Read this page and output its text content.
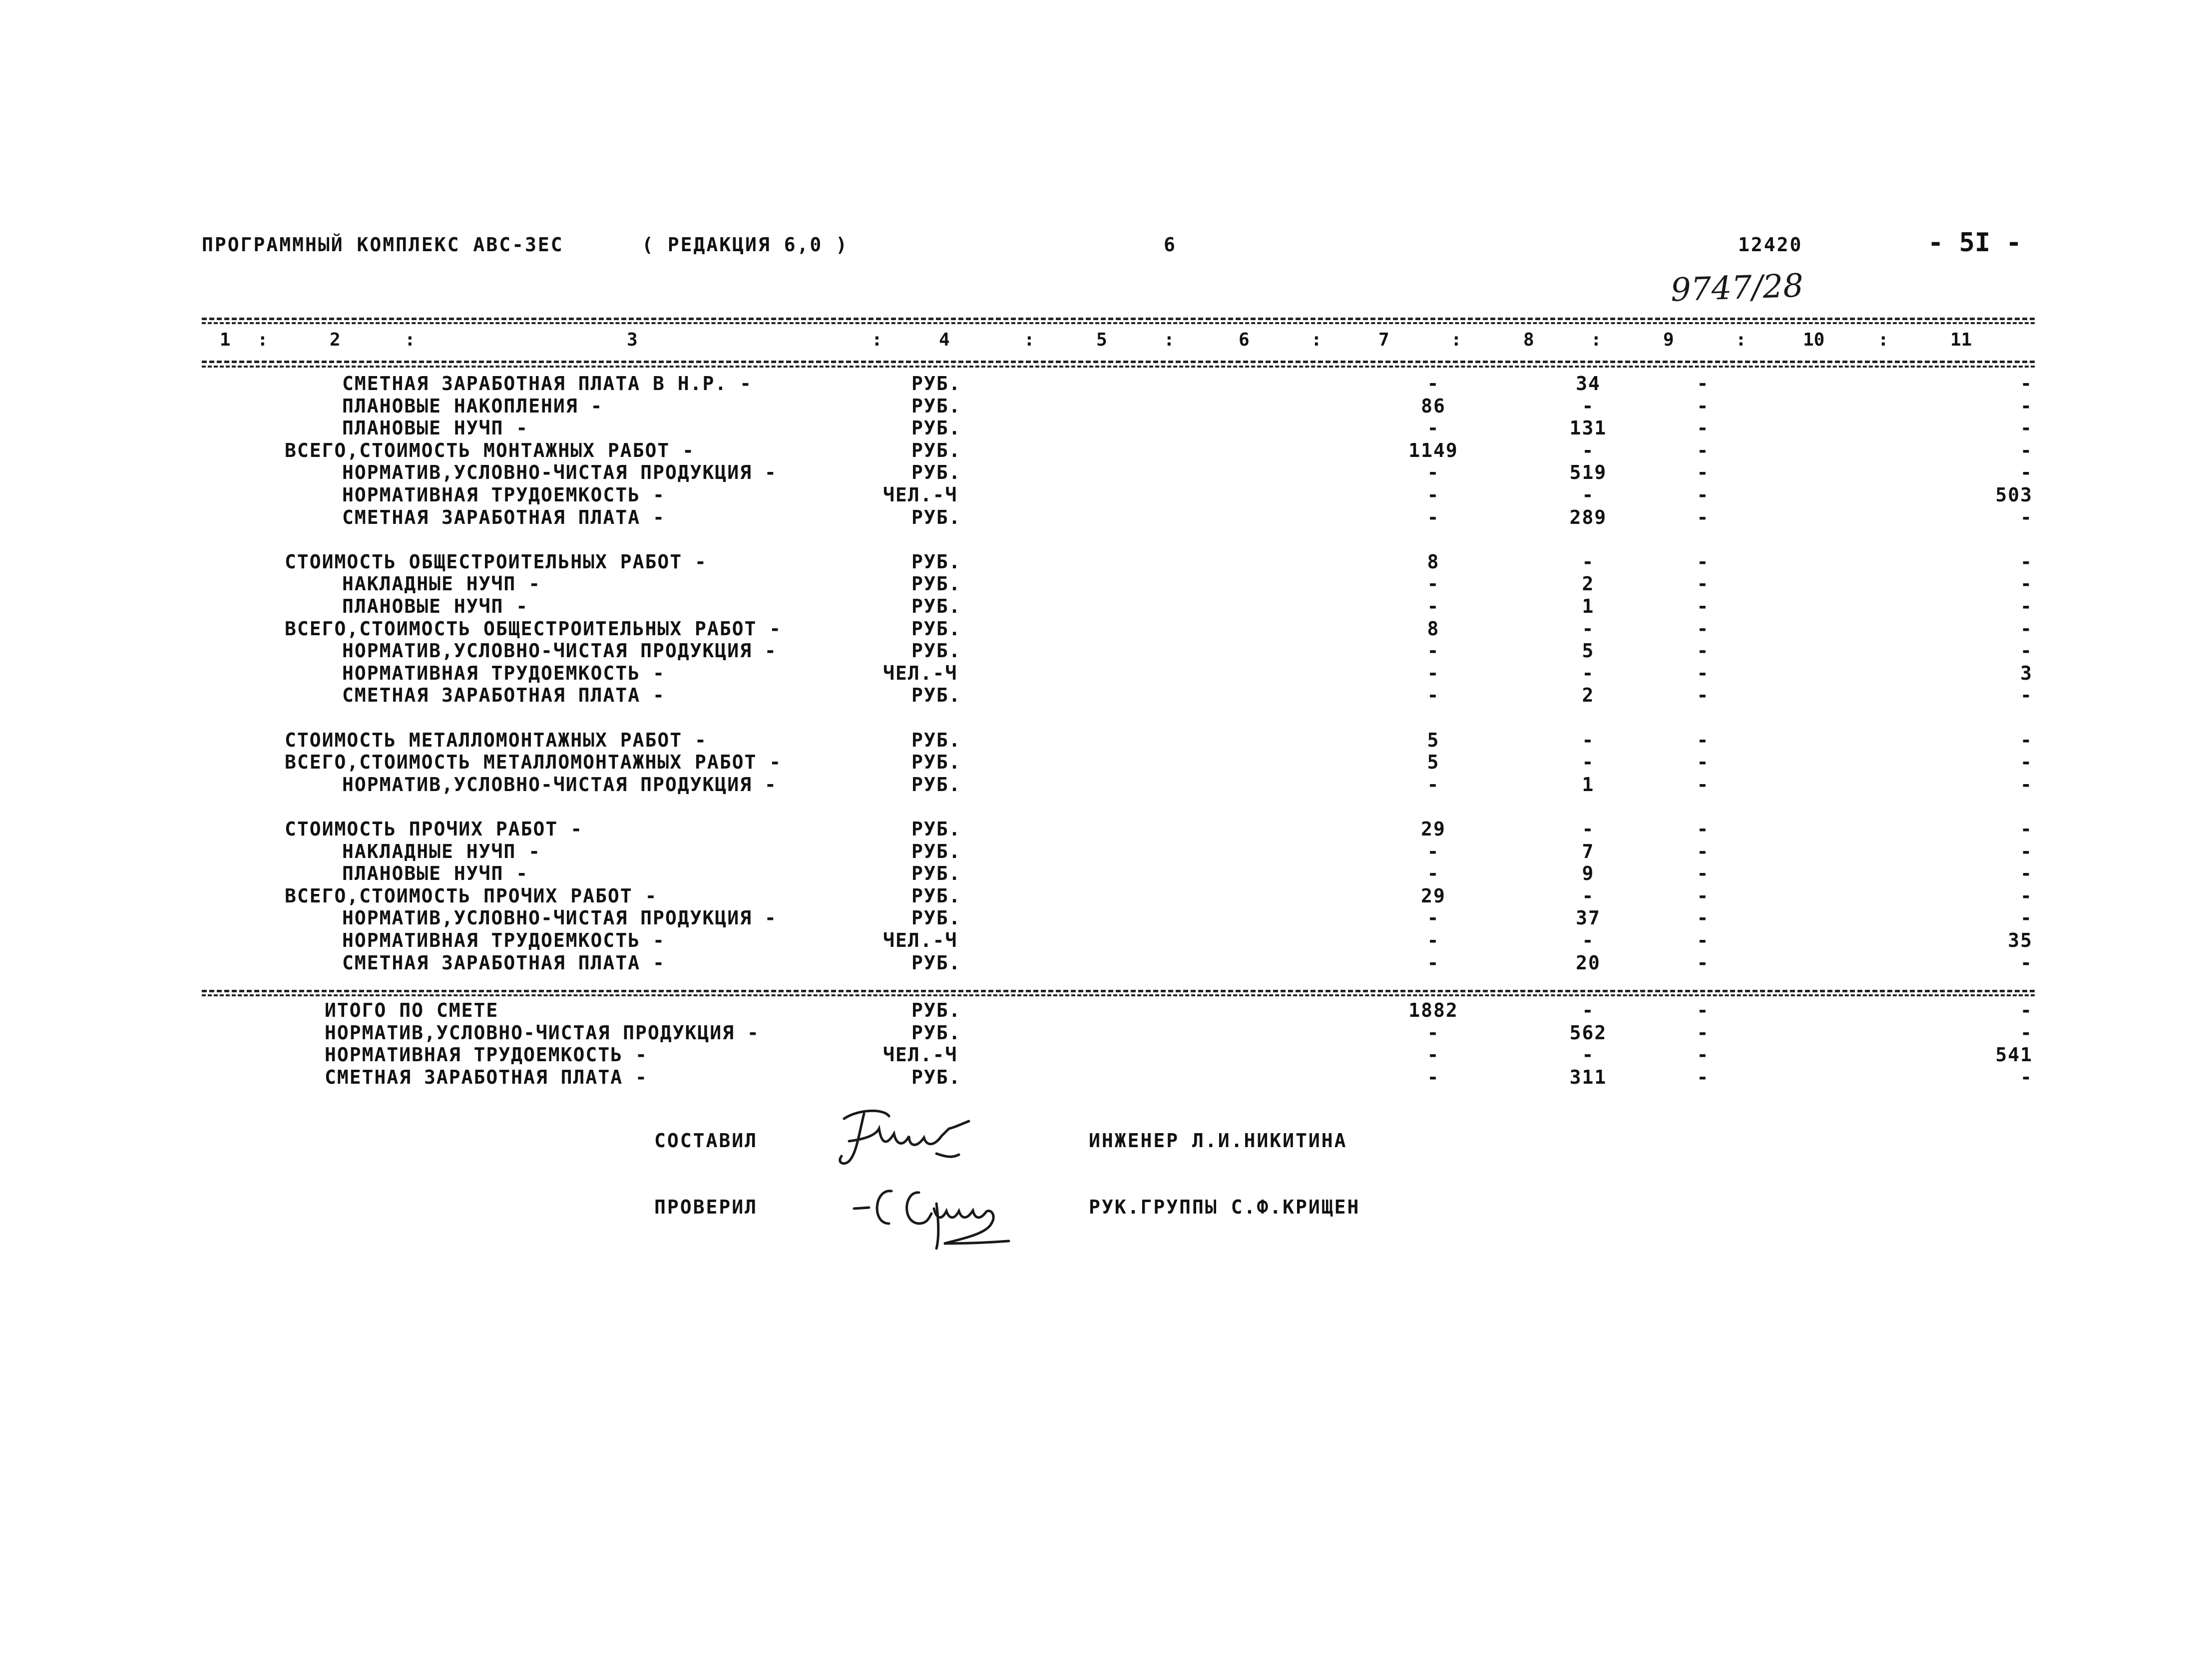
ПРОГРАММНЫЙ КОМПЛЕКС АВС-3ЕС	( РЕДАКЦИЯ 6,0 )	6	12420	- 5I -
9747/28
1	2	3	4	5	6	7	8	9	10	11
:	:	:	:	:	:	:	:	:	:
СМЕТНАЯ ЗАРАБОТНАЯ ПЛАТА В Н.Р. -	РУБ.	-	34	-	-
ПЛАНОВЫЕ НАКОПЛЕНИЯ -	РУБ.	86	-	-	-
ПЛАНОВЫЕ НУЧП -	РУБ.	-	131	-	-
ВСЕГО,СТОИМОСТЬ МОНТАЖНЫХ РАБОТ -	РУБ.	1149	-	-	-
НОРМАТИВ,УСЛОВНО-ЧИСТАЯ ПРОДУКЦИЯ -	РУБ.	-	519	-	-
НОРМАТИВНАЯ ТРУДОЕМКОСТЬ -	ЧЕЛ.-Ч	-	-	-	503
СМЕТНАЯ ЗАРАБОТНАЯ ПЛАТА -	РУБ.	-	289	-	-
СТОИМОСТЬ ОБЩЕСТРОИТЕЛЬНЫХ РАБОТ -	РУБ.	8	-	-	-
НАКЛАДНЫЕ НУЧП -	РУБ.	-	2	-	-
ПЛАНОВЫЕ НУЧП -	РУБ.	-	1	-	-
ВСЕГО,СТОИМОСТЬ ОБЩЕСТРОИТЕЛЬНЫХ РАБОТ -	РУБ.	8	-	-	-
НОРМАТИВ,УСЛОВНО-ЧИСТАЯ ПРОДУКЦИЯ -	РУБ.	-	5	-	-
НОРМАТИВНАЯ ТРУДОЕМКОСТЬ -	ЧЕЛ.-Ч	-	-	-	3
СМЕТНАЯ ЗАРАБОТНАЯ ПЛАТА -	РУБ.	-	2	-	-
СТОИМОСТЬ МЕТАЛЛОМОНТАЖНЫХ РАБОТ -	РУБ.	5	-	-	-
ВСЕГО,СТОИМОСТЬ МЕТАЛЛОМОНТАЖНЫХ РАБОТ -	РУБ.	5	-	-	-
НОРМАТИВ,УСЛОВНО-ЧИСТАЯ ПРОДУКЦИЯ -	РУБ.	-	1	-	-
СТОИМОСТЬ ПРОЧИХ РАБОТ -	РУБ.	29	-	-	-
НАКЛАДНЫЕ НУЧП -	РУБ.	-	7	-	-
ПЛАНОВЫЕ НУЧП -	РУБ.	-	9	-	-
ВСЕГО,СТОИМОСТЬ ПРОЧИХ РАБОТ -	РУБ.	29	-	-	-
НОРМАТИВ,УСЛОВНО-ЧИСТАЯ ПРОДУКЦИЯ -	РУБ.	-	37	-	-
НОРМАТИВНАЯ ТРУДОЕМКОСТЬ -	ЧЕЛ.-Ч	-	-	-	35
СМЕТНАЯ ЗАРАБОТНАЯ ПЛАТА -	РУБ.	-	20	-	-
ИТОГО ПО СМЕТЕ	РУБ.	1882	-	-	-
НОРМАТИВ,УСЛОВНО-ЧИСТАЯ ПРОДУКЦИЯ -	РУБ.	-	562	-	-
НОРМАТИВНАЯ ТРУДОЕМКОСТЬ -	ЧЕЛ.-Ч	-	-	-	541
СМЕТНАЯ ЗАРАБОТНАЯ ПЛАТА -	РУБ.	-	311	-	-
СОСТАВИЛ	ИНЖЕНЕР Л.И.НИКИТИНА
ПРОВЕРИЛ	РУК.ГРУППЫ С.Ф.КРИЩЕН
